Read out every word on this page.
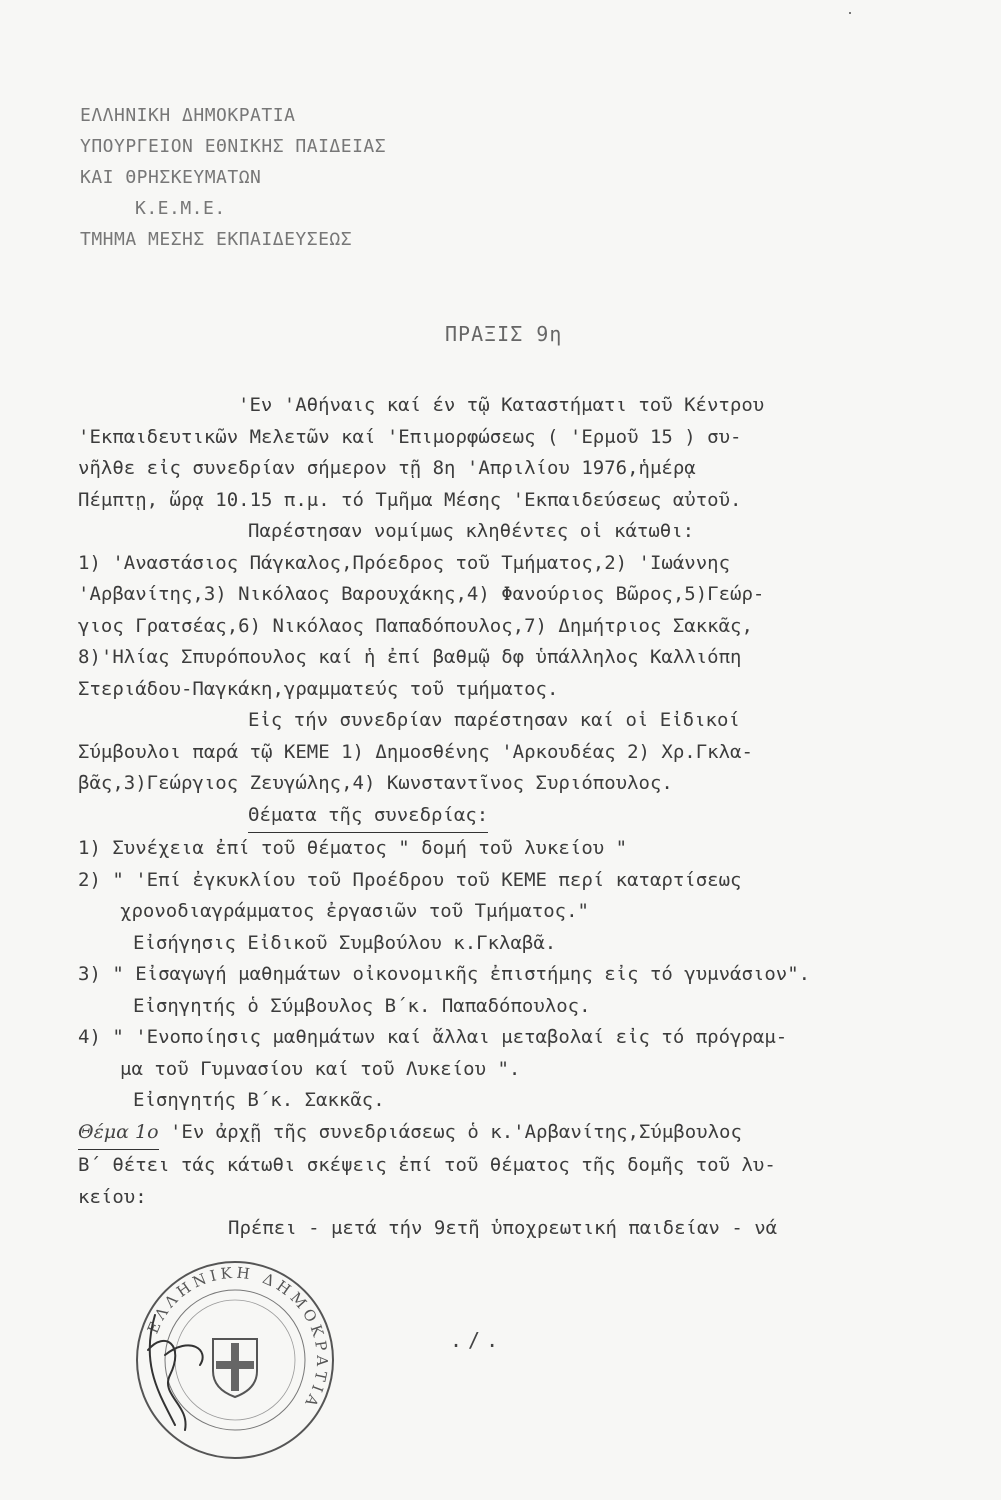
ΕΛΛΗΝΙΚΗ ΔΗΜΟΚΡΑΤΙΑ
ΥΠΟΥΡΓΕΙΟΝ ΕΘΝΙΚΗΣ ΠΑΙΔΕΙΑΣ
ΚΑΙ ΘΡΗΣΚΕΥΜΑΤΩΝ
Κ.Ε.Μ.Ε.
ΤΜΗΜΑ ΜΕΣΗΣ ΕΚΠΑΙΔΕΥΣΕΩΣ
ΠΡΑΞΙΣ 9η
'Εν 'Αθήναις καί έν τῷ Καταστήματι τοῦ Κέντρου
'Εκπαιδευτικῶν Μελετῶν καί 'Επιμορφώσεως ( 'Ερμοῦ 15 ) συ-
νῆλθε εἰς συνεδρίαν σήμερον τῇ 8η 'Απριλίου 1976,ἡμέρᾳ
Πέμπτῃ, ὥρᾳ 10.15 π.μ. τό Τμῆμα Μέσης 'Εκπαιδεύσεως αὐτοῦ.
Παρέστησαν νομίμως κληθέντες οἱ κάτωθι:
1) 'Αναστάσιος Πάγκαλος,Πρόεδρος τοῦ Τμήματος,2) 'Ιωάννης
'Αρβανίτης,3) Νικόλαος Βαρουχάκης,4) Φανούριος Βῶρος,5)Γεώρ-
γιος Γρατσέας,6) Νικόλαος Παπαδόπουλος,7) Δημήτριος Σακκᾶς,
8)'Ηλίας Σπυρόπουλος καί ἡ ἐπί βαθμῷ δφ ὑπάλληλος Καλλιόπη
Στεριάδου-Παγκάκη,γραμματεύς τοῦ τμήματος.
Εἰς τήν συνεδρίαν παρέστησαν καί οἱ Εἰδικοί
Σύμβουλοι παρά τῷ ΚΕΜΕ 1) Δημοσθένης 'Αρκουδέας 2) Χρ.Γκλα-
βᾶς,3)Γεώργιος Ζευγώλης,4) Κωνσταντῖνος Συριόπουλος.
Θέματα τῆς συνεδρίας:
1) Συνέχεια ἐπί τοῦ θέματος " δομή τοῦ λυκείου "
2) " 'Επί ἐγκυκλίου τοῦ Προέδρου τοῦ ΚΕΜΕ περί καταρτίσεως
χρονοδιαγράμματος ἐργασιῶν τοῦ Τμήματος."
Εἰσήγησις Εἰδικοῦ Συμβούλου κ.Γκλαβᾶ.
3) " Εἰσαγωγή μαθημάτων οἰκονομικῆς ἐπιστήμης εἰς τό γυμνάσιον".
Εἰσηγητής ὁ Σύμβουλος Β΄κ. Παπαδόπουλος.
4) " 'Ενοποίησις μαθημάτων καί ἄλλαι μεταβολαί εἰς τό πρόγραμ-
μα τοῦ Γυμνασίου καί τοῦ Λυκείου ".
Εἰσηγητής Β΄κ. Σακκᾶς.
Θέμα 1ο 'Εν ἀρχῇ τῆς συνεδριάσεως ὁ κ.'Αρβανίτης,Σύμβουλος
Β΄ θέτει τάς κάτωθι σκέψεις ἐπί τοῦ θέματος τῆς δομῆς τοῦ λυ-
κείου:
Πρέπει - μετά τήν 9ετῆ ὑποχρεωτική παιδείαν - νά
./.
ΕΛΛΗΝΙΚΗ ΔΗΜΟΚΡΑΤΙΑ
